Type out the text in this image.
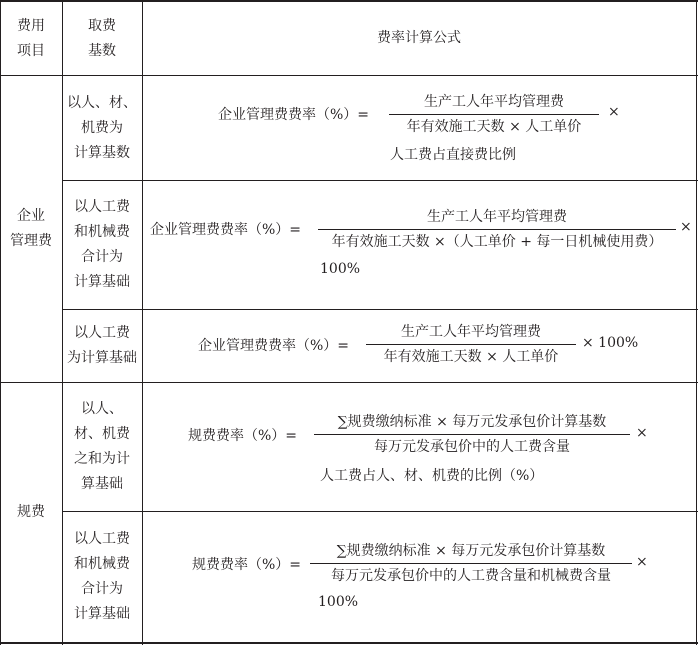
费用
项目
取费
基数
费率计算公式
企业
管理费
以人、材、
机费为
计算基数
企业管理费费率（%）=
生产工人年平均管理费
年有效施工天数 × 人工单价
×
人工费占直接费比例
以人工费
和机械费
合计为
计算基础
企业管理费费率（%）=
生产工人年平均管理费
年有效施工天数 ×（人工单价 + 每一日机械使用费）
×
100%
以人工费
为计算基础
企业管理费费率（%）=
生产工人年平均管理费
年有效施工天数 × 人工单价
× 100%
规费
以人、
材、机费
之和为计
算基础
规费费率（%）=
∑规费缴纳标准 × 每万元发承包价计算基数
每万元发承包价中的人工费含量
×
人工费占人、材、机费的比例（%）
以人工费
和机械费
合计为
计算基础
规费费率（%）=
∑规费缴纳标准 × 每万元发承包价计算基数
每万元发承包价中的人工费含量和机械费含量
×
100%
